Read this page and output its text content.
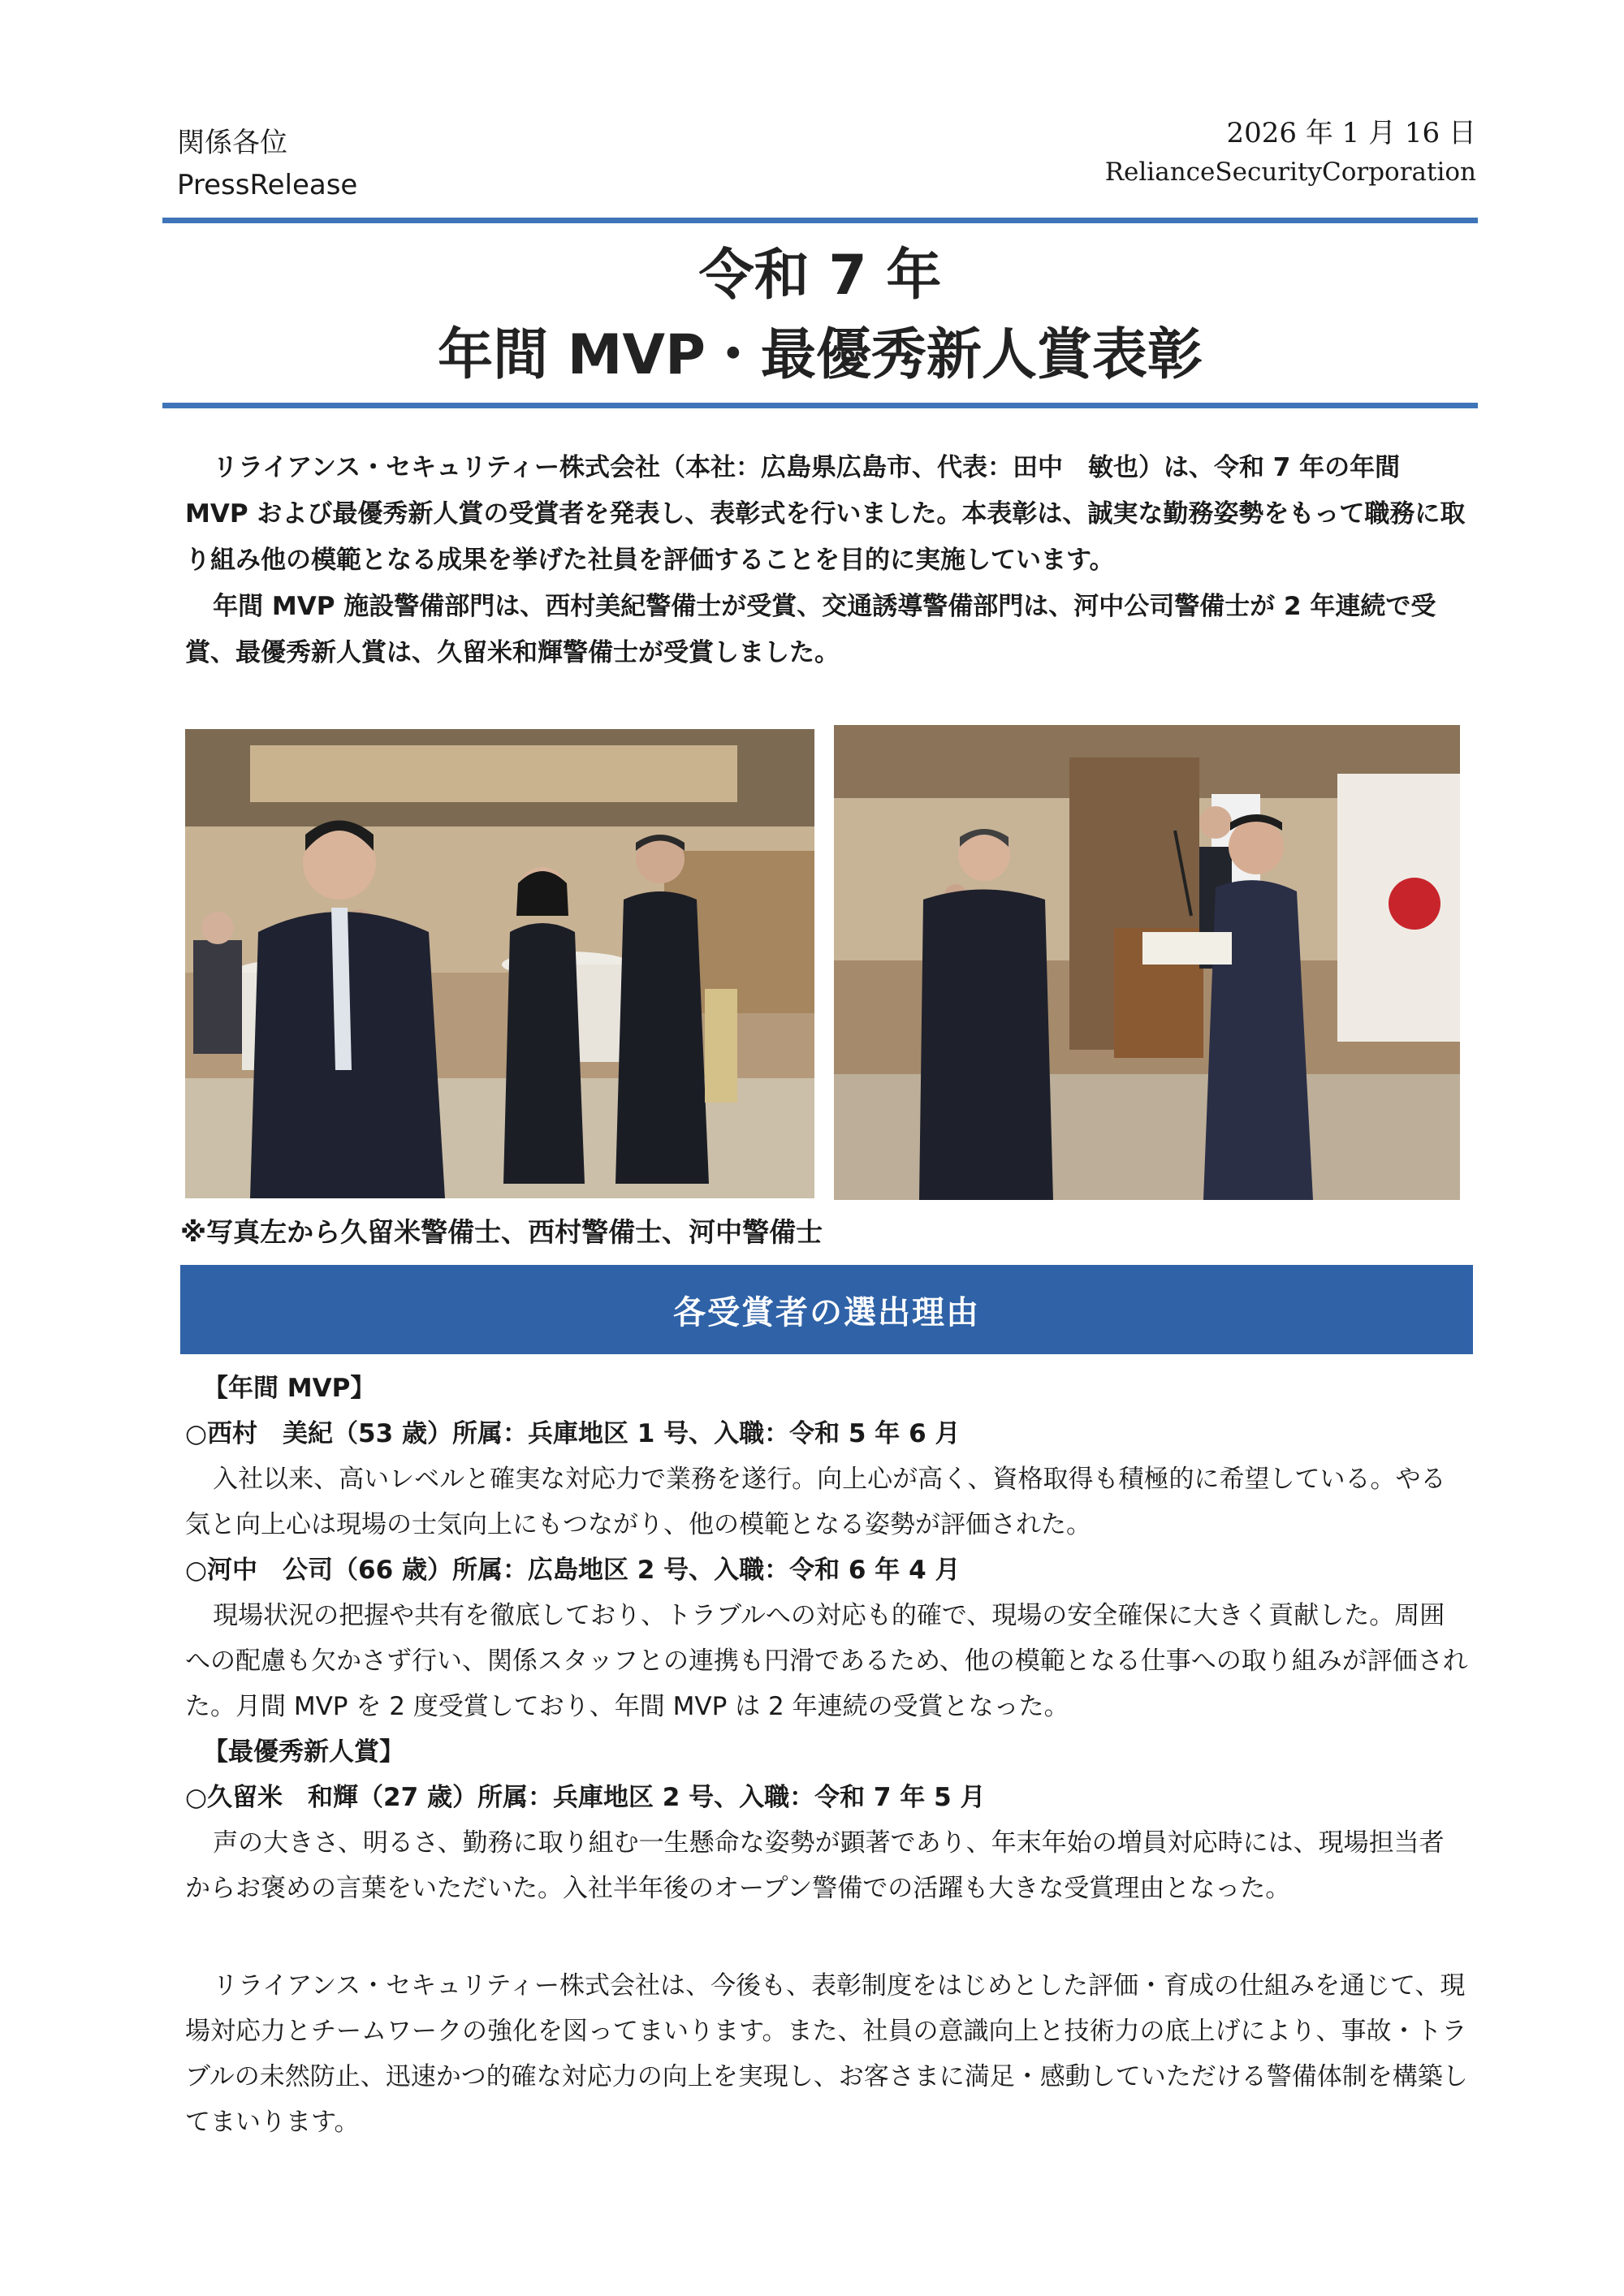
関係各位
PressRelease
2026 年 1 月 16 日
RelianceSecurityCorporation
令和 7 年
年間 MVP・最優秀新人賞表彰

リライアンス・セキュリティー株式会社（本社：広島県広島市、代表：田中　敏也）は、令和 7 年の年間 MVP および最優秀新人賞の受賞者を発表し、表彰式を行いました。本表彰は、誠実な勤務姿勢をもって職務に取り組み他の模範となる成果を挙げた社員を評価することを目的に実施しています。

年間 MVP 施設警備部門は、西村美紀警備士が受賞、交通誘導警備部門は、河中公司警備士が 2 年連続で受賞、最優秀新人賞は、久留米和輝警備士が受賞しました。

※写真左から久留米警備士、西村警備士、河中警備士
各受賞者の選出理由
【年間 MVP】
○西村　美紀（53 歳）所属：兵庫地区 1 号、入職：令和 5 年 6 月
入社以来、高いレベルと確実な対応力で業務を遂行。向上心が高く、資格取得も積極的に希望している。やる気と向上心は現場の士気向上にもつながり、他の模範となる姿勢が評価された。
○河中　公司（66 歳）所属：広島地区 2 号、入職：令和 6 年 4 月
現場状況の把握や共有を徹底しており、トラブルへの対応も的確で、現場の安全確保に大きく貢献した。周囲への配慮も欠かさず行い、関係スタッフとの連携も円滑であるため、他の模範となる仕事への取り組みが評価された。月間 MVP を 2 度受賞しており、年間 MVP は 2 年連続の受賞となった。
【最優秀新人賞】
○久留米　和輝（27 歳）所属：兵庫地区 2 号、入職：令和 7 年 5 月
声の大きさ、明るさ、勤務に取り組む一生懸命な姿勢が顕著であり、年末年始の増員対応時には、現場担当者からお褒めの言葉をいただいた。入社半年後のオープン警備での活躍も大きな受賞理由となった。

リライアンス・セキュリティー株式会社は、今後も、表彰制度をはじめとした評価・育成の仕組みを通じて、現場対応力とチームワークの強化を図ってまいります。また、社員の意識向上と技術力の底上げにより、事故・トラブルの未然防止、迅速かつ的確な対応力の向上を実現し、お客さまに満足・感動していただける警備体制を構築してまいります。
